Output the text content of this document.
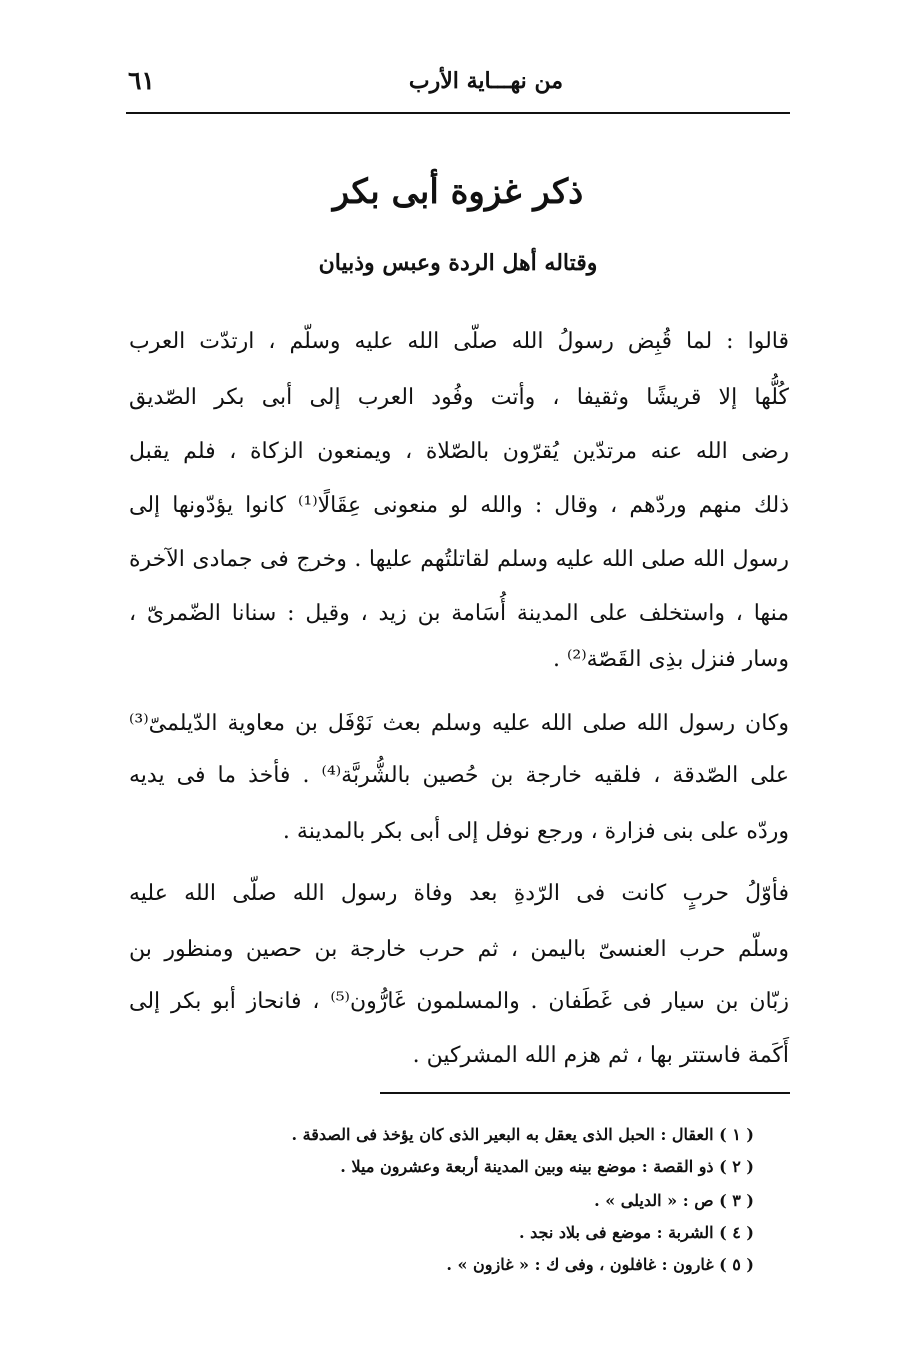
من نهـــاية الأرب
٦١
ذكر غزوة أبى بكر
وقتاله أهل الردة وعبس وذبيان
قالوا : لما قُبِض رسولُ الله صلّى الله عليه وسلّم ، ارتدّت العرب
كُلُّها إلا قريشًا وثقيفا ، وأتت وفُود العرب إلى أبى بكر الصّديق
رضى الله عنه مرتدّين يُقرّون بالصّلاة ، ويمنعون الزكاة ، فلم يقبل
ذلك منهم وردّهم ، وقال : والله لو منعونى عِقَالًا⁽¹⁾ كانوا يؤدّونها إلى
رسول الله صلى الله عليه وسلم لقاتلتُهم عليها . وخرج فى جمادى الآخرة
منها ، واستخلف على المدينة أُسَامة بن زيد ، وقيل : سنانا الضّمرىّ ،
وسار فنزل بذِى القَصّة⁽²⁾ .
وكان رسول الله صلى الله عليه وسلم بعث نَوْفَل بن معاوية الدّيلمىّ⁽³⁾
على الصّدقة ، فلقيه خارجة بن حُصين بالشُّربَّة⁽⁴⁾ . فأخذ ما فى يديه
وردّه على بنى فزارة ، ورجع نوفل إلى أبى بكر بالمدينة .
فأوّلُ حربٍ كانت فى الرّدةِ بعد وفاة رسول الله صلّى الله عليه
وسلّم حرب العنسىّ باليمن ، ثم حرب خارجة بن حصين ومنظور بن
زبّان بن سيار فى غَطَفان . والمسلمون غَارُّون⁽⁵⁾ ، فانحاز أبو بكر إلى
أَكَمة فاستتر بها ، ثم هزم الله المشركين .
( ١ ) العقال : الحبل الذى يعقل به البعير الذى كان يؤخذ فى الصدقة .
( ٢ ) ذو القصة : موضع بينه وبين المدينة أربعة وعشرون ميلا .
( ٣ ) ص : « الديلى » .
( ٤ ) الشربة : موضع فى بلاد نجد .
( ٥ ) غارون : غافلون ، وفى ك : « غازون » .
